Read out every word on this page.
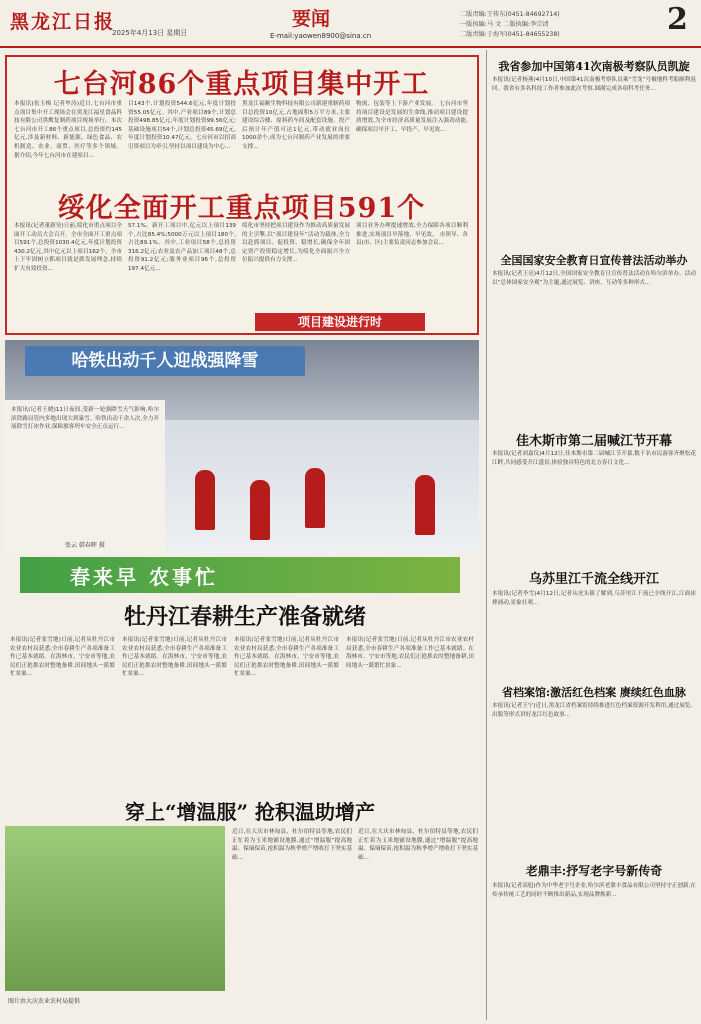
黑龙江日报
2025年4月13日 星期日
要闻
E-mail:yaowen8900@sina.cn
二版责编:王传东(0451-84692714)
一版执编:马 文 二版执编:李宗清
二版责编:于海军(0451-84655238)	2
七台河86个重点项目集中开工
本报讯(张玉梅 记者牟涛)近日,七台河市重点项目集中开工现场会在黑龙江福星食品科技有限公司黑鹰复制药项目现场举行。本次七台河市开工86个重点项目,总投资约145亿元,涉及新材料、新能源、绿色食品、农机制造、农业、商贸、医疗等多个领域。 据介绍,今年七台河市在建项目...
目143个,计划投资544.6亿元,年度计划投资55.05亿元。其中,产业项目89个,计划总投资498.85亿元,年度计划投资99.56亿元;基础设施项目54个,计划总投资45.69亿元,年度计划投资10.47亿元。七台河市以招商引资项目为牵引,坚持以项目建设为中心...
黑龙江福顺生物科技有限公司新建重制药项目总投资10亿元,占地面积5万平方米,主要建设综合楼、原料药车间及配套设施。投产后预计年产值可达1亿元,带动就业岗位1000余个,成为七台河制药产业发展的重要支撑...
物流、包装等上下游产业发展。 七台河市坚持项目建设是发展的生命线,推动项目建设提质增效,为全市经济高质量发展注入强劲动能,确保项目早开工、早投产、早见效...
绥化全面开工重点项目591个
本报讯(记者董新昊)日前,绥化市重点项目全面开工动员大会召开。全市全面开工重点项目591个,总投资1030.4亿元,年度计划投资430.2亿元,其中亿元以上项目162个。全市上下牢固树立抓项目就是抓发展理念,持续扩大有效投资...
57.1%。新开工项目中,亿元以上项目139个,占比85.4%;5000万元以上项目180个,占比89.1%。其中,工业项目58个,总投资316.2亿元;农业及农产品加工项目48个,总投资91.2亿元;服务业项目96个,总投资197.4亿元...
绥化市坚持把项目建设作为推动高质量发展的主引擎,以“项目建设年”活动为载体,全力以赴抓项目、促投资、稳增长,确保全年固定资产投资稳定增长,为绥化全面振兴全方位振兴提供有力支撑...
项目业务办理提速增效,全力保障各项目顺利推进,实现项目早落地、早见效。 市领导、各县(市、区)主要负责同志参加会议...
项目建设进行时
哈铁出动千人迎战强降雪
本报讯(记者王晓)11日夜间,受新一轮强降雪天气影响,哈尔滨铁路局管内多地出现大到暴雪。哈铁出动千余人次,全力开展除雪打冰作业,保障旅客列车安全正点运行...
张云 韩春晖 摄
春来早 农事忙
牡丹江春耕生产准备就绪
本报讯(记者张雪地)日前,记者从牡丹江市农业农村局获悉,全市春耕生产各项准备工作已基本就绪。在海林市、宁安市等地,农民们正抢抓农时整地备耕,田间地头一派繁忙景象...
本报讯(记者张雪地)日前,记者从牡丹江市农业农村局获悉,全市春耕生产各项准备工作已基本就绪。在海林市、宁安市等地,农民们正抢抓农时整地备耕,田间地头一派繁忙景象...
本报讯(记者张雪地)日前,记者从牡丹江市农业农村局获悉,全市春耕生产各项准备工作已基本就绪。在海林市、宁安市等地,农民们正抢抓农时整地备耕,田间地头一派繁忙景象...
本报讯(记者张雪地)日前,记者从牡丹江市农业农村局获悉,全市春耕生产各项准备工作已基本就绪。在海林市、宁安市等地,农民们正抢抓农时整地备耕,田间地头一派繁忙景象...
穿上“增温服” 抢积温助增产
图片由大庆农业农村局提供
近日,在大庆市林甸县、杜尔伯特县等地,农民们正忙着为玉米地铺设地膜,通过“增温服”提高地温、保墒保苗,抢积温为秋季增产增收打下坚实基础...
近日,在大庆市林甸县、杜尔伯特县等地,农民们正忙着为玉米地铺设地膜,通过“增温服”提高地温、保墒保苗,抢积温为秋季增产增收打下坚实基础...
我省参加中国第41次南极考察队员凯旋
本报讯(记者杨燕)4月10日,中国第41次南极考察队员乘“雪龙”号极地科考船顺利返回。我省有多名科技工作者参加此次考察,圆满完成各项科考任务...
全国国家安全教育日宣传普法活动举办
本报讯(记者王亮)4月12日,全国国家安全教育日宣传普法活动在哈尔滨举办。活动以“总体国家安全观”为主题,通过展览、讲座、互动等多种形式...
佳木斯市第二届喊江节开幕
本报讯(记者刘嘉仪)4月12日,佳木斯市第二届喊江节开幕,数千名市民游客齐聚松花江畔,共同感受开江盛景,体验独具特色的北方春日文化...
乌苏里江千流全线开江
本报讯(记者李雪)4月12日,记者从虎头镇了解到,乌苏里江千流已全线开江,江面冰排涌动,景象壮观...
省档案馆:激活红色档案 赓续红色血脉
本报讯(记者王宁)近日,黑龙江省档案馆持续推进红色档案资源开发利用,通过展览、出版等形式讲好龙江红色故事...
老鼎丰:抒写老字号新传奇
本报讯(记者高旭)作为中华老字号企业,哈尔滨老鼎丰食品有限公司坚持守正创新,在传承传统工艺的同时不断推出新品,实现品牌焕新...
